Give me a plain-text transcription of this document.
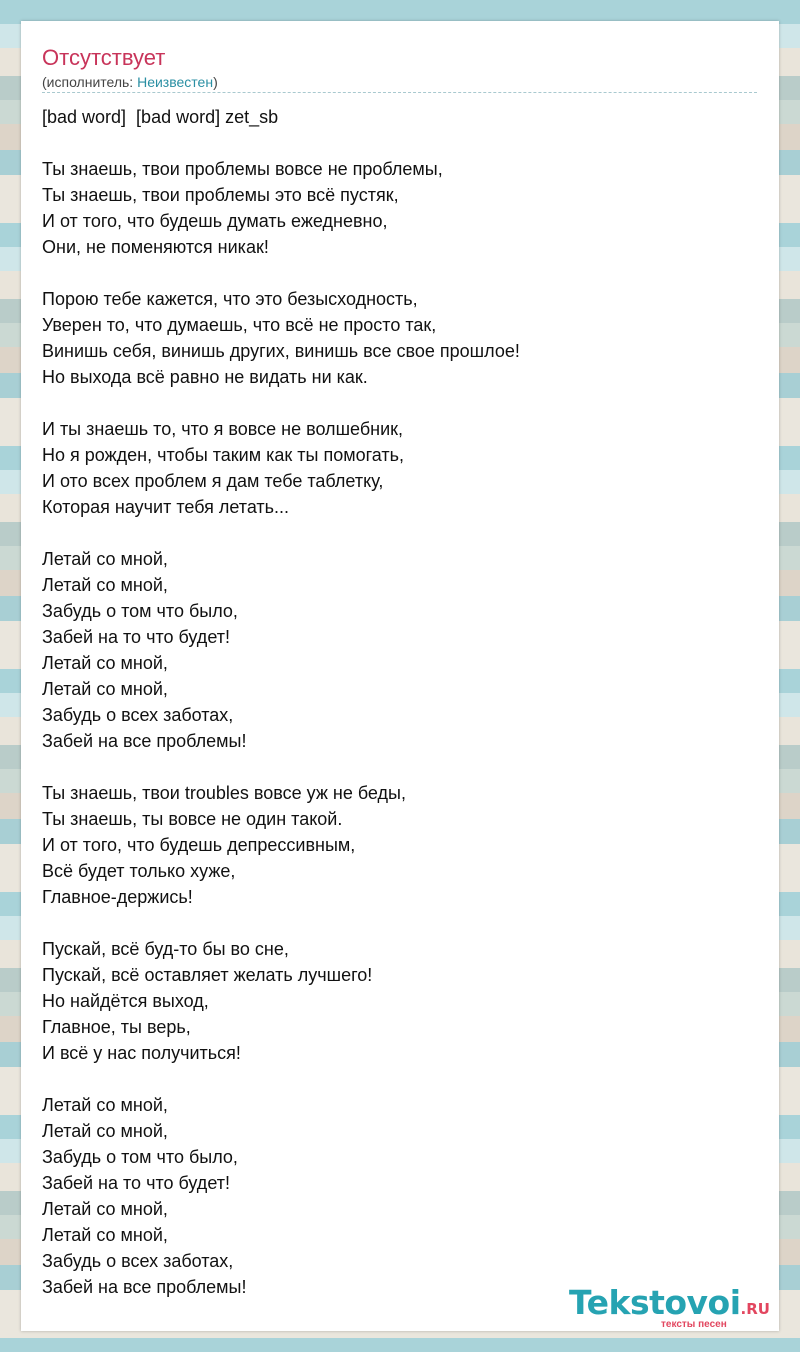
Отсутствует
(исполнитель: Неизвестен)
[bad word]  [bad word] zet_sb
Ты знаешь, твои проблемы вовсе не проблемы,
Ты знаешь, твои проблемы это всё пустяк,
И от того, что будешь думать ежедневно,
Они, не поменяются никак!
Порою тебе кажется, что это безысходность,
Уверен то, что думаешь, что всё не просто так,
Винишь себя, винишь других, винишь все свое прошлое!
Но выхода всё равно не видать ни как.
И ты знаешь то, что я вовсе не волшебник,
Но я рожден, чтобы таким как ты помогать,
И ото всех проблем я дам тебе таблетку,
Которая научит тебя летать...
Летай со мной,
Летай со мной,
Забудь о том что было,
Забей на то что будет!
Летай со мной,
Летай со мной,
Забудь о всех заботах,
Забей на все проблемы!
Ты знаешь, твои troubles вовсе уж не беды,
Ты знаешь, ты вовсе не один такой.
И от того, что будешь депрессивным,
Всё будет только хуже,
Главное-держись!
Пускай, всё буд-то бы во сне,
Пускай, всё оставляет желать лучшего!
Но найдётся выход,
Главное, ты верь,
И всё у нас получиться!
Летай со мной,
Летай со мной,
Забудь о том что было,
Забей на то что будет!
Летай со мной,
Летай со мной,
Забудь о всех заботах,
Забей на все проблемы!	Tekstovoi.RU
тексты песен
